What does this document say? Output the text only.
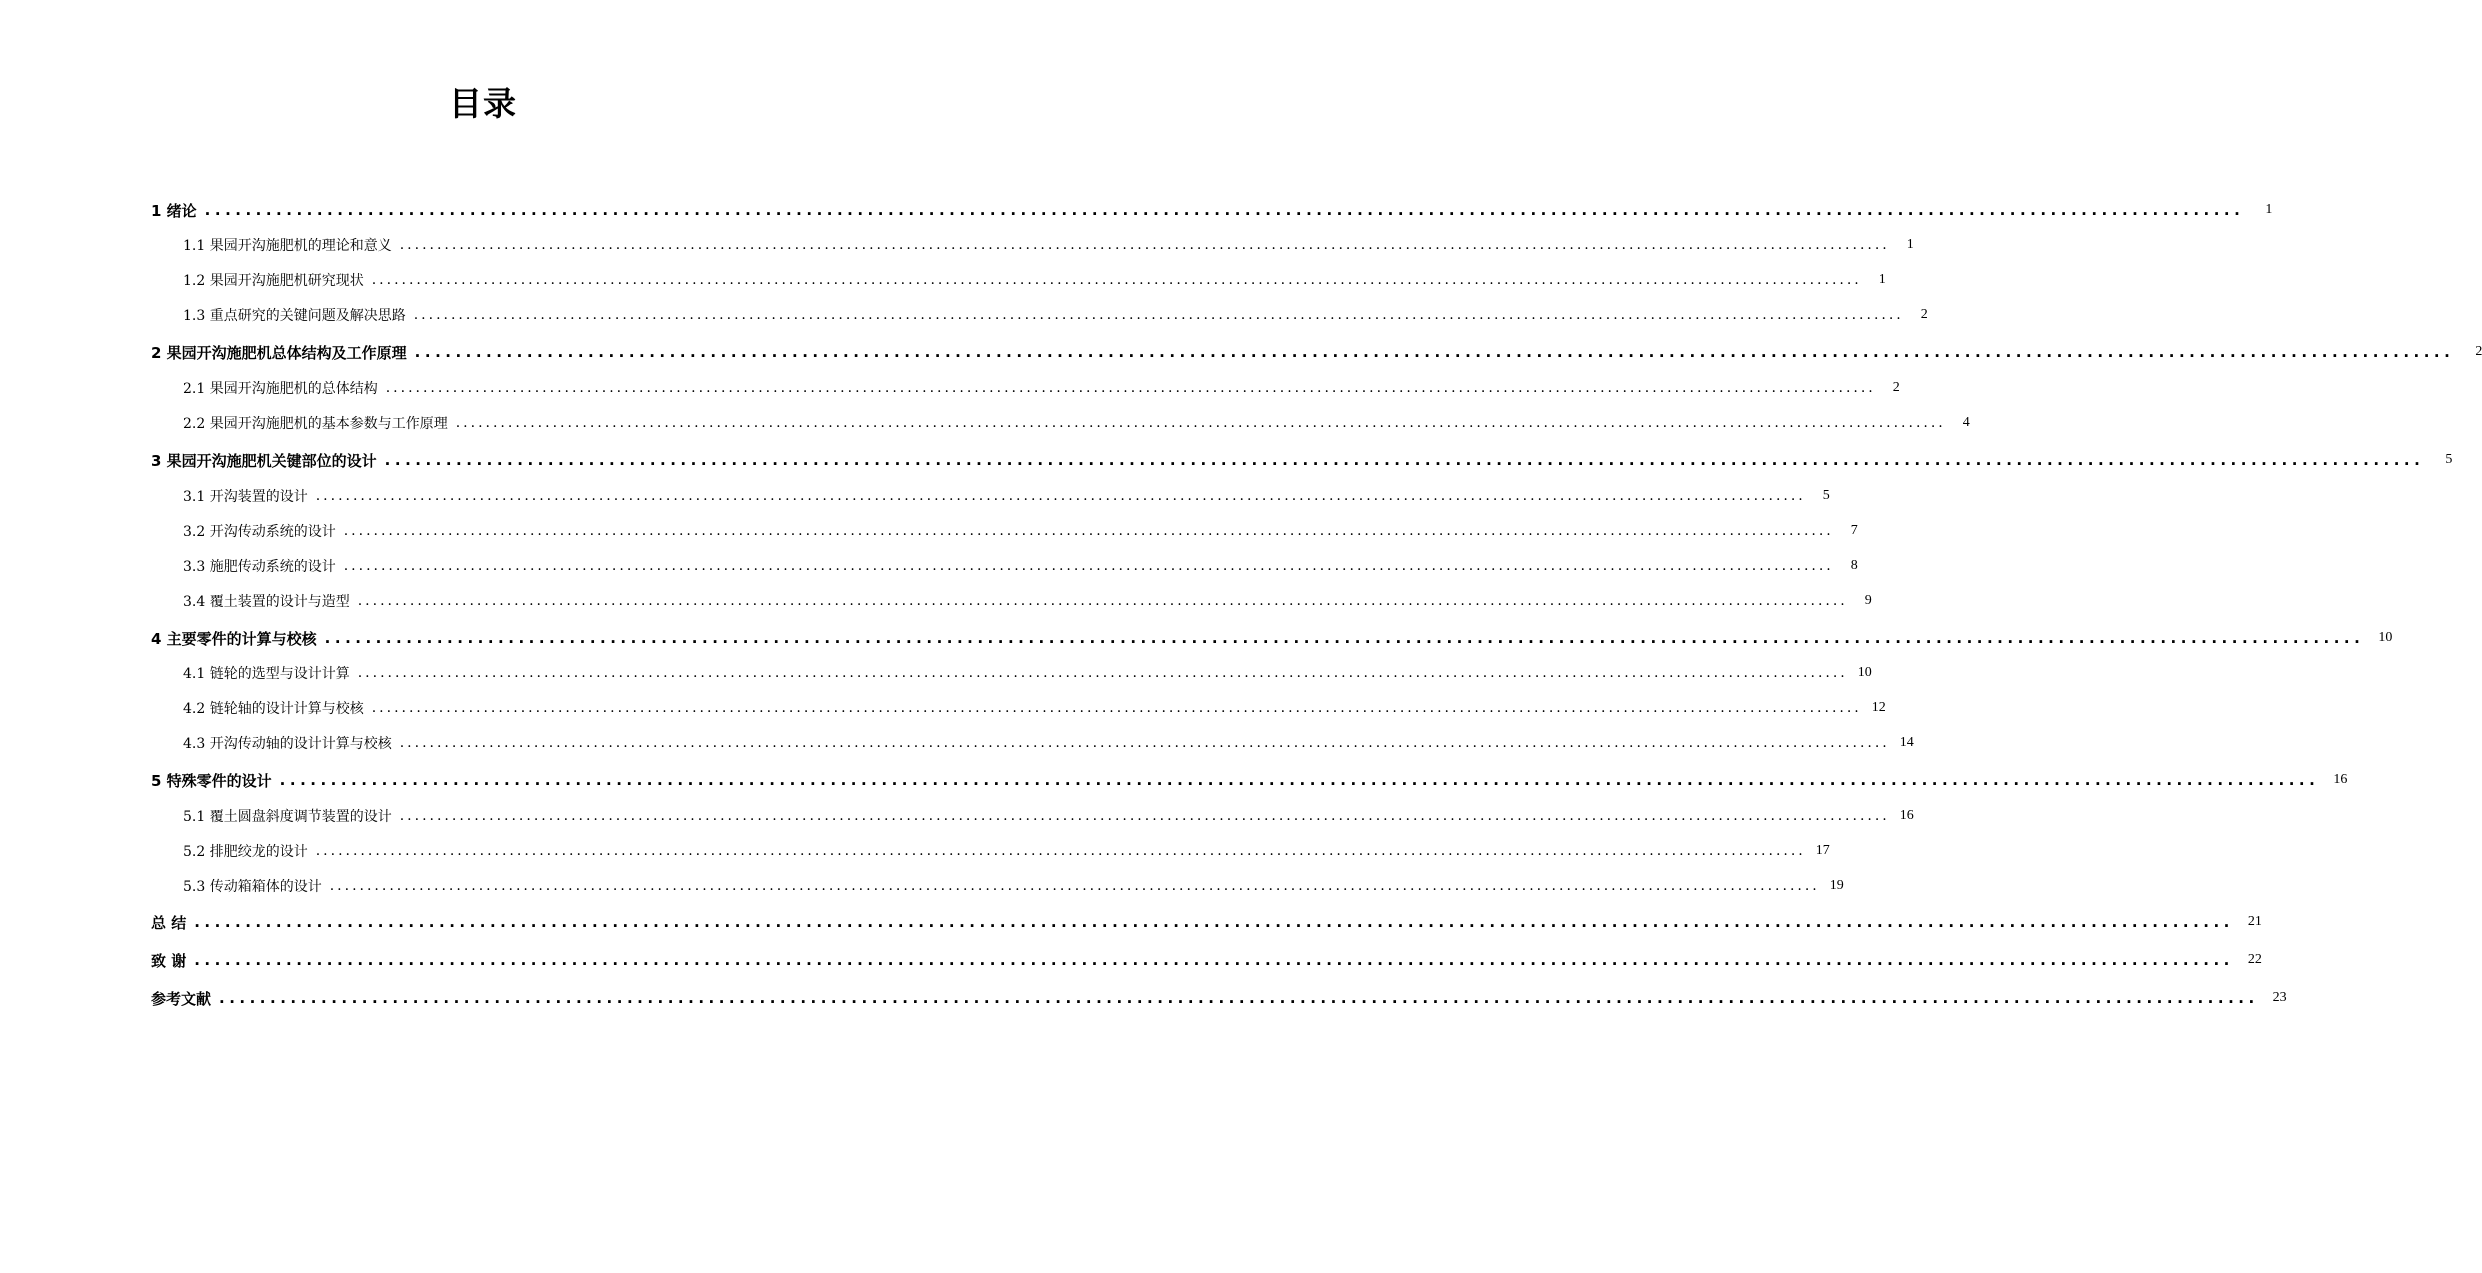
目录
1 绪论 ........................................................................................................................................................................................................	1
1.1 果园开沟施肥机的理论和意义 ........................................................................................................................................................................................................	1
1.2 果园开沟施肥机研究现状 ........................................................................................................................................................................................................	1
1.3 重点研究的关键问题及解决思路 ........................................................................................................................................................................................................	2
2 果园开沟施肥机总体结构及工作原理 ........................................................................................................................................................................................................	2
2.1 果园开沟施肥机的总体结构 ........................................................................................................................................................................................................	2
2.2 果园开沟施肥机的基本参数与工作原理 ........................................................................................................................................................................................................	4
3 果园开沟施肥机关键部位的设计 ........................................................................................................................................................................................................	5
3.1 开沟装置的设计 ........................................................................................................................................................................................................	5
3.2 开沟传动系统的设计 ........................................................................................................................................................................................................	7
3.3 施肥传动系统的设计 ........................................................................................................................................................................................................	8
3.4 覆土装置的设计与造型 ........................................................................................................................................................................................................	9
4 主要零件的计算与校核 ........................................................................................................................................................................................................	10
4.1 链轮的选型与设计计算 ........................................................................................................................................................................................................ 10
4.2 链轮轴的设计计算与校核 ........................................................................................................................................................................................................ 12
4.3 开沟传动轴的设计计算与校核 ........................................................................................................................................................................................................ 14
5 特殊零件的设计 ........................................................................................................................................................................................................	16
5.1 覆土圆盘斜度调节装置的设计 ........................................................................................................................................................................................................ 16
5.2 排肥绞龙的设计 ........................................................................................................................................................................................................ 17
5.3 传动箱箱体的设计 ........................................................................................................................................................................................................ 19
总 结 ........................................................................................................................................................................................................	21
致 谢 ........................................................................................................................................................................................................	22
参考文献 ........................................................................................................................................................................................................	23
